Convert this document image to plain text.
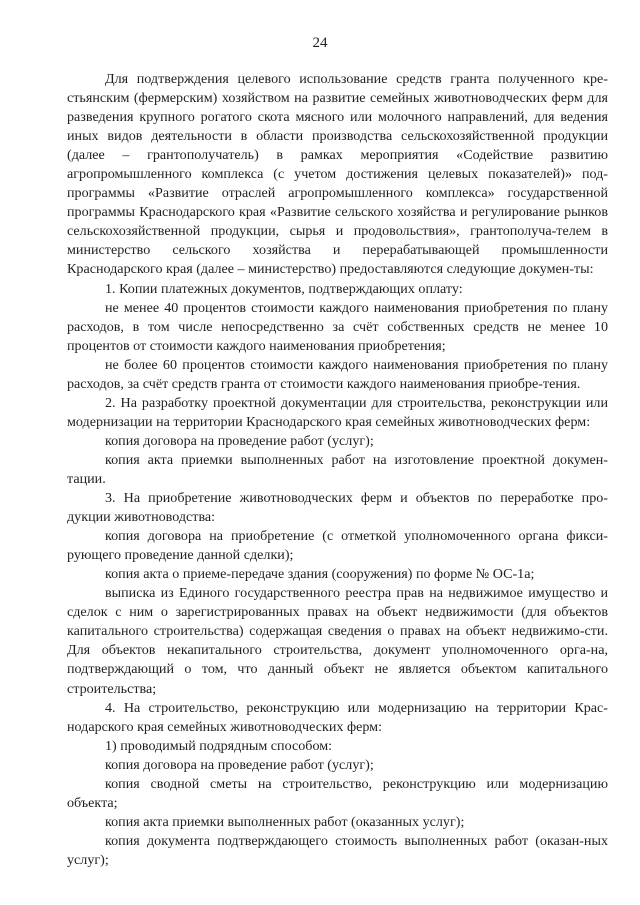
24

Для подтверждения целевого использование средств гранта полученного кре-стьянским (фермерским) хозяйством на развитие семейных животноводческих ферм для разведения крупного рогатого скота мясного или молочного направлений, для ведения иных видов деятельности в области производства сельскохозяйственной продукции (далее – грантополучатель) в рамках мероприятия «Содействие развитию агропромышленного комплекса (с учетом достижения целевых показателей)» под-программы «Развитие отраслей агропромышленного комплекса» государственной программы Краснодарского края «Развитие сельского хозяйства и регулирование рынков сельскохозяйственной продукции, сырья и продовольствия», грантополуча-телем в министерство сельского хозяйства и перерабатывающей промышленности Краснодарского края (далее – министерство) предоставляются следующие докумен-ты:

1. Копии платежных документов, подтверждающих оплату:

не менее 40 процентов стоимости каждого наименования приобретения по плану расходов, в том числе непосредственно за счёт собственных средств не менее 10 процентов от стоимости каждого наименования приобретения;

не более 60 процентов стоимости каждого наименования приобретения по плану расходов, за счёт средств гранта от стоимости каждого наименования приобре-тения.

2. На разработку проектной документации для строительства, реконструкции или модернизации на территории Краснодарского края семейных животноводческих ферм:

копия договора на проведение работ (услуг);

копия акта приемки выполненных работ на изготовление проектной докумен-тации.

3. На приобретение животноводческих ферм и объектов по переработке про-дукции животноводства:

копия договора на приобретение (с отметкой уполномоченного органа фикси-рующего проведение данной сделки);

копия акта о приеме-передаче здания (сооружения) по форме № ОС-1а;

выписка из Единого государственного реестра прав на недвижимое имущество и сделок с ним о зарегистрированных правах на объект недвижимости (для объектов капитального строительства) содержащая сведения о правах на объект недвижимо-сти. Для объектов некапитального строительства, документ уполномоченного орга-на, подтверждающий о том, что данный объект не является объектом капитального строительства;

4. На строительство, реконструкцию или модернизацию на территории Крас-нодарского края семейных животноводческих ферм:

1) проводимый подрядным способом:

копия договора на проведение работ (услуг);

копия сводной сметы на строительство, реконструкцию или модернизацию объекта;

копия акта приемки выполненных работ (оказанных услуг);

копия документа подтверждающего стоимость выполненных работ (оказан-ных услуг);
